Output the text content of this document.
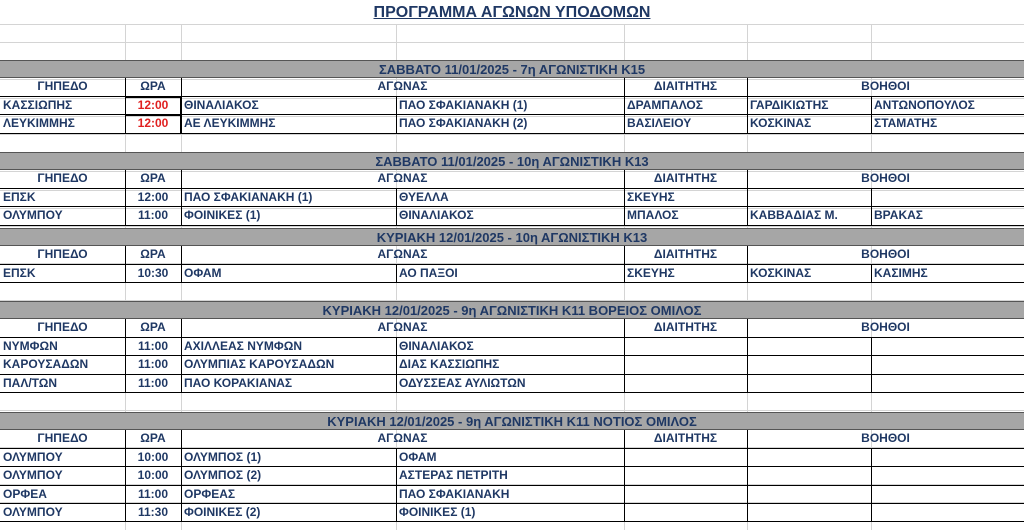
ΠΡΟΓΡΑΜΜΑ ΑΓΩΝΩΝ ΥΠΟΔΟΜΩΝ
ΣΑΒΒΑΤΟ 11/01/2025 - 7η ΑΓΩΝΙΣΤΙΚΗ Κ15
ΓΗΠΕΔΟ	ΩΡΑ	ΑΓΩΝΑΣ	ΔΙΑΙΤΗΤΗΣ	ΒΟΗΘΟΙ
ΚΑΣΣΙΩΠΗΣ	12:00	ΘΙΝΑΛΙΑΚΟΣ	ΠΑΟ ΣΦΑΚΙΑΝΑΚΗ (1)	ΔΡΑΜΠΑΛΟΣ	ΓΑΡΔΙΚΙΩΤΗΣ	ΑΝΤΩΝΟΠΟΥΛΟΣ
ΛΕΥΚΙΜΜΗΣ	12:00	ΑΕ ΛΕΥΚΙΜΜΗΣ	ΠΑΟ ΣΦΑΚΙΑΝΑΚΗ (2)	ΒΑΣΙΛΕΙΟΥ	ΚΟΣΚΙΝΑΣ	ΣΤΑΜΑΤΗΣ
ΣΑΒΒΑΤΟ 11/01/2025 - 10η ΑΓΩΝΙΣΤΙΚΗ Κ13
ΓΗΠΕΔΟ	ΩΡΑ	ΑΓΩΝΑΣ	ΔΙΑΙΤΗΤΗΣ	ΒΟΗΘΟΙ
ΕΠΣΚ	12:00	ΠΑΟ ΣΦΑΚΙΑΝΑΚΗ (1)	ΘΥΕΛΛΑ	ΣΚΕΥΗΣ
ΟΛΥΜΠΟΥ	11:00	ΦΟΙΝΙΚΕΣ (1)	ΘΙΝΑΛΙΑΚΟΣ	ΜΠΑΛΟΣ	ΚΑΒΒΑΔΙΑΣ Μ.	ΒΡΑΚΑΣ
ΚΥΡΙΑΚΗ 12/01/2025 - 10η ΑΓΩΝΙΣΤΙΚΗ Κ13
ΓΗΠΕΔΟ	ΩΡΑ	ΑΓΩΝΑΣ	ΔΙΑΙΤΗΤΗΣ	ΒΟΗΘΟΙ
ΕΠΣΚ	10:30	ΟΦΑΜ	ΑΟ ΠΑΞΟΙ	ΣΚΕΥΗΣ	ΚΟΣΚΙΝΑΣ	ΚΑΣΙΜΗΣ
ΚΥΡΙΑΚΗ 12/01/2025 - 9η ΑΓΩΝΙΣΤΙΚΗ Κ11 ΒΟΡΕΙΟΣ ΟΜΙΛΟΣ
ΓΗΠΕΔΟ	ΩΡΑ	ΑΓΩΝΑΣ	ΔΙΑΙΤΗΤΗΣ	ΒΟΗΘΟΙ
ΝΥΜΦΩΝ	11:00	ΑΧΙΛΛΕΑΣ ΝΥΜΦΩΝ	ΘΙΝΑΛΙΑΚΟΣ
ΚΑΡΟΥΣΑΔΩΝ	11:00	ΟΛΥΜΠΙΑΣ ΚΑΡΟΥΣΑΔΩΝ	ΔΙΑΣ ΚΑΣΣΙΩΠΗΣ
ΠΑΛ/ΤΩΝ	11:00	ΠΑΟ ΚΟΡΑΚΙΑΝΑΣ	ΟΔΥΣΣΕΑΣ ΑΥΛΙΩΤΩΝ
ΚΥΡΙΑΚΗ 12/01/2025 - 9η ΑΓΩΝΙΣΤΙΚΗ Κ11 ΝΟΤΙΟΣ ΟΜΙΛΟΣ
ΓΗΠΕΔΟ	ΩΡΑ	ΑΓΩΝΑΣ	ΔΙΑΙΤΗΤΗΣ	ΒΟΗΘΟΙ
ΟΛΥΜΠΟΥ	10:00	ΟΛΥΜΠΟΣ (1)	ΟΦΑΜ
ΟΛΥΜΠΟΥ	10:00	ΟΛΥΜΠΟΣ (2)	ΑΣΤΕΡΑΣ ΠΕΤΡΙΤΗ
ΟΡΦΕΑ	11:00	ΟΡΦΕΑΣ	ΠΑΟ ΣΦΑΚΙΑΝΑΚΗ
ΟΛΥΜΠΟΥ	11:30	ΦΟΙΝΙΚΕΣ (2)	ΦΟΙΝΙΚΕΣ (1)
